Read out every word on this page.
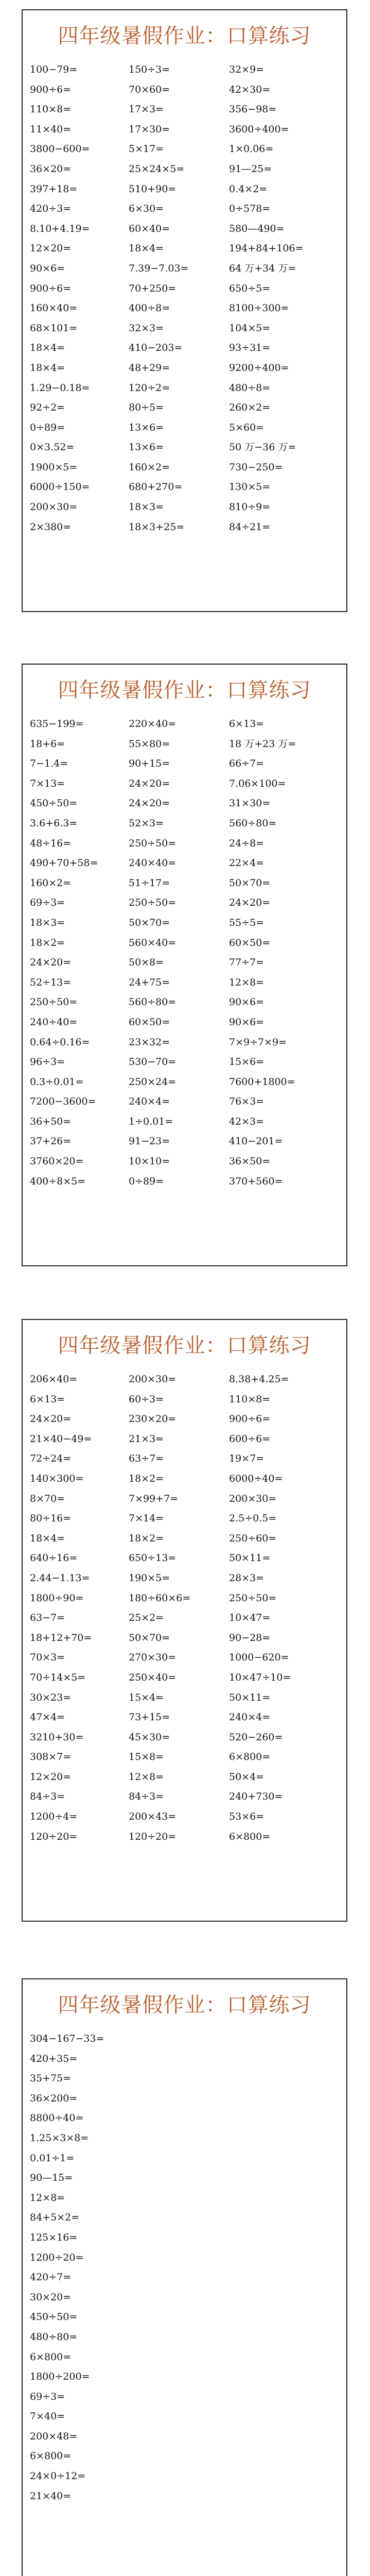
四年级暑假作业：口算练习
100−79=	150÷3=	32×9=
900÷6=	70×60=	42×30=
110×8=	17×3=	356−98=
11×40=	17×30=	3600÷400=
3800−600=	5×17=	1×0.06=
36×20=	25×24×5=	91—25=
397+18=	510+90=	0.4×2=
420÷3=	6×30=	0÷578=
8.10+4.19=	60×40=	580—490=
12×20=	18×4=	194+84+106=
90×6=	7.39−7.03=	64 万+34 万=
900÷6=	70+250=	650÷5=
160×40=	400÷8=	8100÷300=
68×101=	32×3=	104×5=
18×4=	410−203=	93÷31=
18×4=	48+29=	9200÷400=
1.29−0.18=	120÷2=	480÷8=
92÷2=	80÷5=	260×2=
0÷89=	13×6=	5×60=
0×3.52=	13×6=	50 万−36 万=
1900×5=	160×2=	730−250=
6000÷150=	680+270=	130×5=
200×30=	18×3=	810÷9=
2×380=	18×3+25=	84÷21=
四年级暑假作业：口算练习
635−199=	220×40=	6×13=
18+6=	55×80=	18 万+23 万=
7−1.4=	90+15=	66÷7=
7×13=	24×20=	7.06×100=
450÷50=	24×20=	31×30=
3.6+6.3=	52×3=	560÷80=
48÷16=	250÷50=	24÷8=
490+70+58=	240×40=	22×4=
160×2=	51÷17=	50×70=
69÷3=	250÷50=	24×20=
18×3=	50×70=	55÷5=
18×2=	560×40=	60×50=
24×20=	50×8=	77÷7=
52÷13=	24+75=	12×8=
250÷50=	560÷80=	90×6=
240÷40=	60×50=	90×6=
0.64÷0.16=	23×32=	7×9÷7×9=
96÷3=	530−70=	15×6=
0.3÷0.01=	250×24=	7600+1800=
7200−3600=	240×4=	76×3=
36+50=	1÷0.01=	42×3=
37+26=	91−23=	410−201=
3760×20=	10×10=	36×50=
400÷8×5=	0÷89=	370+560=
四年级暑假作业：口算练习
206×40=	200×30=	8.38+4.25=
6×13=	60÷3=	110×8=
24×20=	230×20=	900÷6=
21×40−49=	21×3=	600÷6=
72÷24=	63÷7=	19×7=
140×300=	18×2=	6000÷40=
8×70=	7×99+7=	200×30=
80÷16=	7×14=	2.5÷0.5=
18×4=	18×2=	250÷60=
640÷16=	650÷13=	50×11=
2.44−1.13=	190×5=	28×3=
1800÷90=	180÷60×6=	250÷50=
63−7=	25×2=	10×47=
18+12+70=	50×70=	90−28=
70×3=	270×30=	1000−620=
70÷14×5=	250×40=	10×47÷10=
30×23=	15×4=	50×11=
47×4=	73+15=	240×4=
3210+30=	45×30=	520−260=
308×7=	15×8=	6×800=
12×20=	12×8=	50×4=
84÷3=	84÷3=	240+730=
1200÷4=	200×43=	53×6=
120÷20=	120÷20=	6×800=
四年级暑假作业：口算练习
304−167−33=
420+35=
35+75=
36×200=
8800÷40=
1.25×3×8=
0.01÷1=
90—15=
12×8=
84+5×2=
125×16=
1200÷20=
420÷7=
30×20=
450÷50=
480÷80=
6×800=
1800÷200=
69÷3=
7×40=
200×48=
6×800=
24×0÷12=
21×40=
